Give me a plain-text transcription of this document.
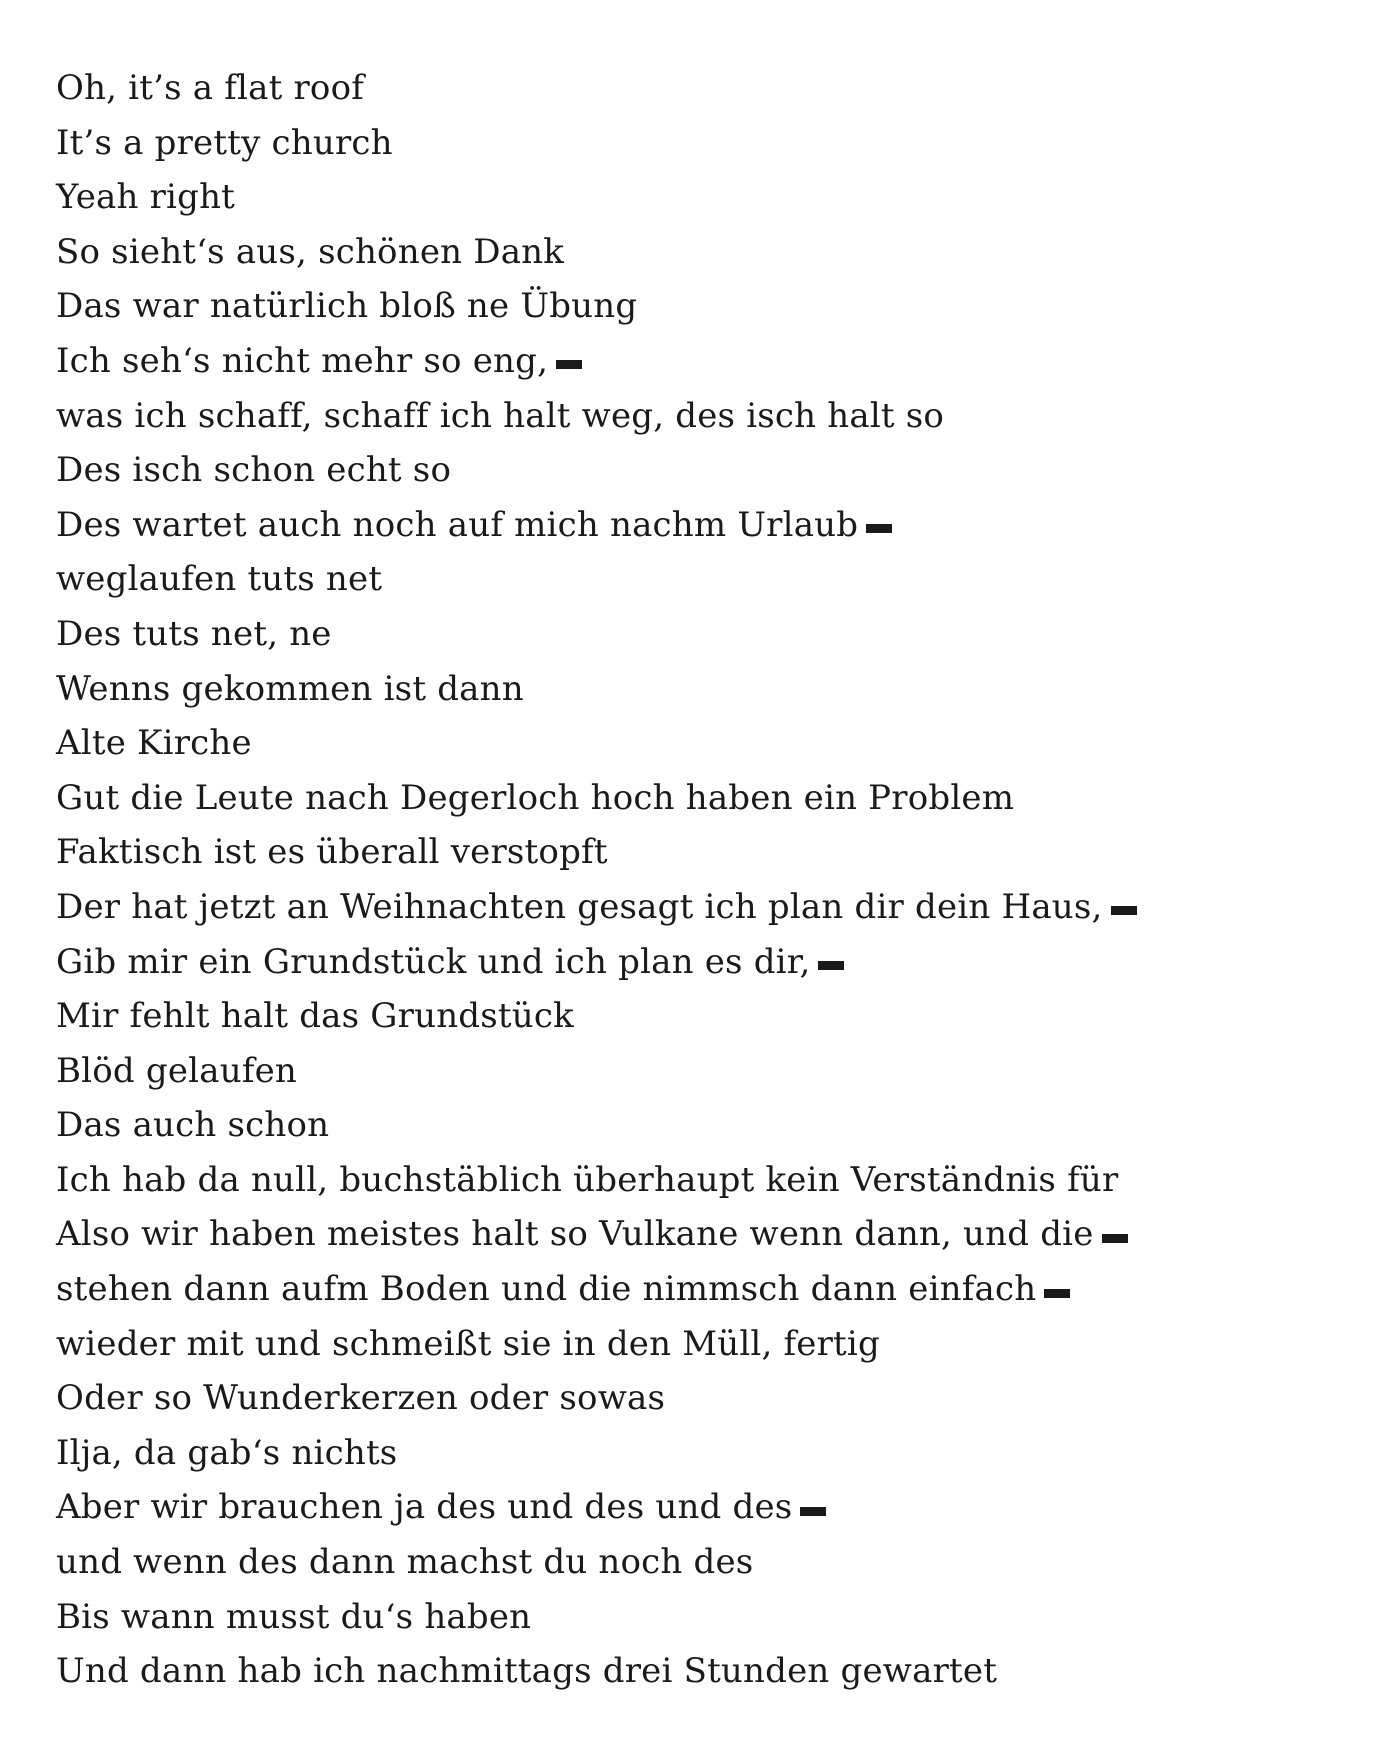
Oh, it’s a flat roof
It’s a pretty church
Yeah right
So sieht‘s aus, schönen Dank
Das war natürlich bloß ne Übung
Ich seh‘s nicht mehr so eng,
was ich schaff, schaff ich halt weg, des isch halt so
Des isch schon echt so
Des wartet auch noch auf mich nachm Urlaub
weglaufen tuts net
Des tuts net, ne
Wenns gekommen ist dann
Alte Kirche
Gut die Leute nach Degerloch hoch haben ein Problem
Faktisch ist es überall verstopft
Der hat jetzt an Weihnachten gesagt ich plan dir dein Haus,
Gib mir ein Grundstück und ich plan es dir,
Mir fehlt halt das Grundstück
Blöd gelaufen
Das auch schon
Ich hab da null, buchstäblich überhaupt kein Verständnis für
Also wir haben meistes halt so Vulkane wenn dann, und die
stehen dann aufm Boden und die nimmsch dann einfach
wieder mit und schmeißt sie in den Müll, fertig
Oder so Wunderkerzen oder sowas
Ilja, da gab‘s nichts
Aber wir brauchen ja des und des und des
und wenn des dann machst du noch des
Bis wann musst du‘s haben
Und dann hab ich nachmittags drei Stunden gewartet
